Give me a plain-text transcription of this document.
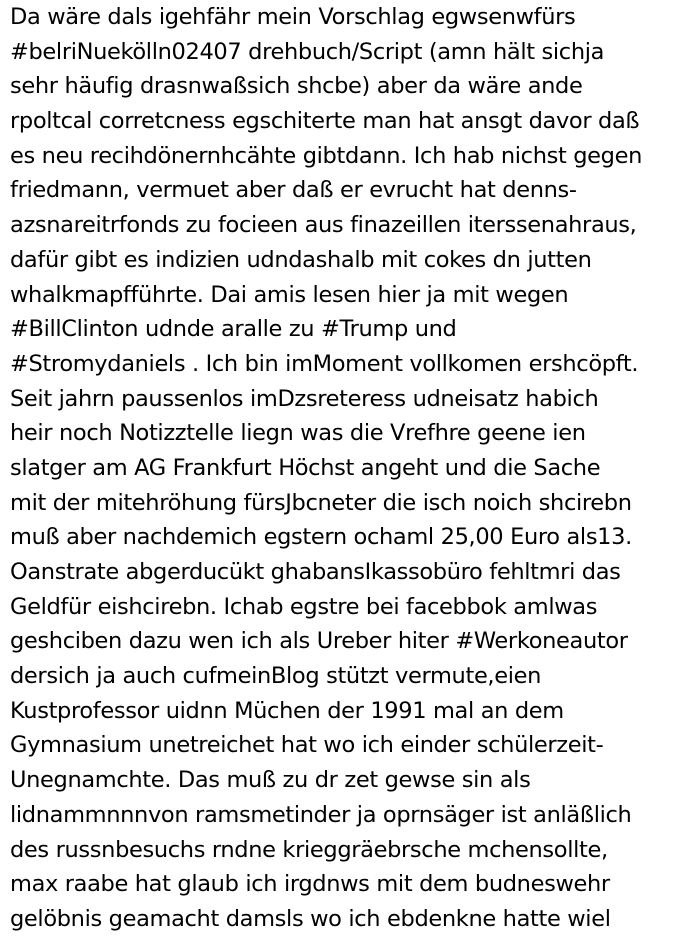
Da wäre dals igehfähr mein Vorschlag egwsenwfürs
#belriNuekölln02407 drehbuch/Script (amn hält sichja
sehr häufig drasnwaßsich shcbe) aber da wäre ande
rpoltcal corretcness egschiterte man hat ansgt davor daß
es neu recihdönernhcähte gibtdann. Ich hab nichst gegen
friedmann, vermuet aber daß er evrucht hat denns-
azsnareitrfonds zu focieen aus finazeillen iterssenahraus,
dafür gibt es indizien udndashalb mit cokes dn jutten
whalkmapfführte. Dai amis lesen hier ja mit wegen
#BillClinton udnde aralle zu #Trump und
#Stromydaniels . Ich bin imMoment vollkomen ershcöpft.
Seit jahrn paussenlos imDzsreteress udneisatz habich
heir noch Notizztelle liegn was die Vrefhre geene ien
slatger am AG Frankfurt Höchst angeht und die Sache
mit der mitehröhung fürsJbcneter die isch noich shcirebn
muß aber nachdemich egstern ochaml 25,00 Euro als13.
Oanstrate abgerducükt ghabansIkassobüro fehltmri das
Geldfür eishcirebn. Ichab egstre bei facebbok amlwas
geshciben dazu wen ich als Ureber hiter #Werkoneautor
dersich ja auch cufmeinBlog stützt vermute,eien
Kustprofessor uidnn Müchen der 1991 mal an dem
Gymnasium unetreichet hat wo ich einder schülerzeit-
Unegnamchte. Das muß zu dr zet gewse sin als
lidnammnnnvon ramsmetinder ja oprnsäger ist anläßlich
des russnbesuchs rndne krieggräebrsche mchensollte,
max raabe hat glaub ich irgdnws mit dem budneswehr
gelöbnis geamacht damsls wo ich ebdenkne hatte wiel
